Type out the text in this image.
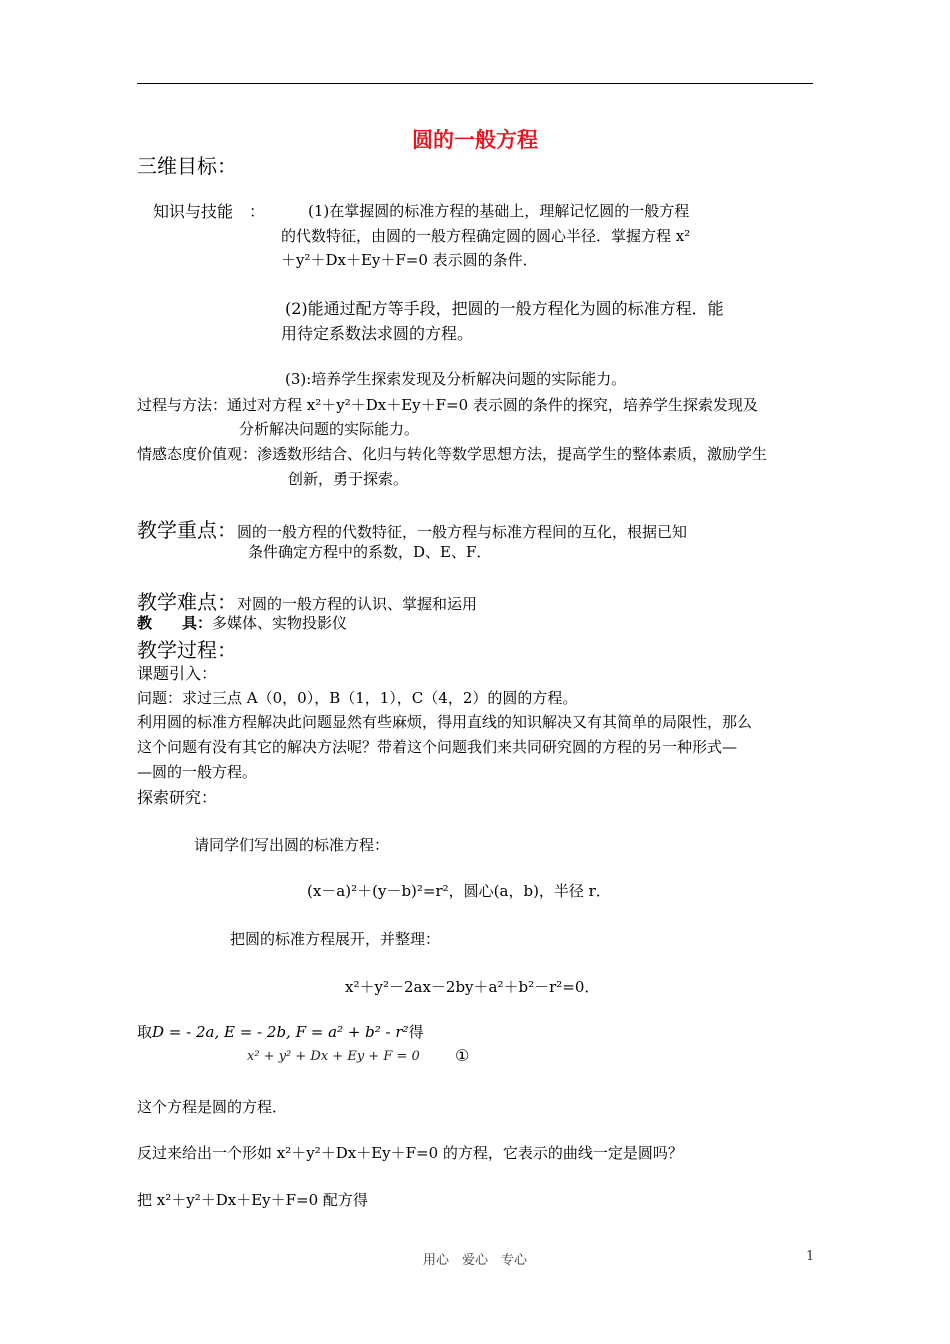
圆的一般方程
三维目标：
知识与技能　：	(1)在掌握圆的标准方程的基础上，理解记忆圆的一般方程
的代数特征，由圆的一般方程确定圆的圆心半径．掌握方程 x²
＋y²＋Dx＋Ey＋F=0 表示圆的条件．
(2)能通过配方等手段，把圆的一般方程化为圆的标准方程．能
用待定系数法求圆的方程。
(3):培养学生探索发现及分析解决问题的实际能力。
过程与方法：通过对方程 x²＋y²＋Dx＋Ey＋F=0 表示圆的条件的探究，培养学生探索发现及
分析解决问题的实际能力。
情感态度价值观：渗透数形结合、化归与转化等数学思想方法，提高学生的整体素质，激励学生
创新，勇于探索。
教学重点：圆的一般方程的代数特征，一般方程与标准方程间的互化，根据已知
条件确定方程中的系数，D、E、F．
教学难点：对圆的一般方程的认识、掌握和运用
教　　具：多媒体、实物投影仪
教学过程：
课题引入：
问题：求过三点 A（0，0），B（1，1），C（4，2）的圆的方程。
利用圆的标准方程解决此问题显然有些麻烦，得用直线的知识解决又有其简单的局限性，那么
这个问题有没有其它的解决方法呢？带着这个问题我们来共同研究圆的方程的另一种形式—
—圆的一般方程。
探索研究：
请同学们写出圆的标准方程：
(x－a)²＋(y－b)²=r²，圆心(a，b)，半径 r．
把圆的标准方程展开，并整理：
x²＋y²－2ax－2by＋a²＋b²－r²=0．
取D = - 2a, E = - 2b, F = a² + b² - r²得
x² + y² + Dx + Ey + F = 0 ①
这个方程是圆的方程．
反过来给出一个形如 x²＋y²＋Dx＋Ey＋F=0 的方程，它表示的曲线一定是圆吗？
把 x²＋y²＋Dx＋Ey＋F=0 配方得
用心　爱心　专心	1
